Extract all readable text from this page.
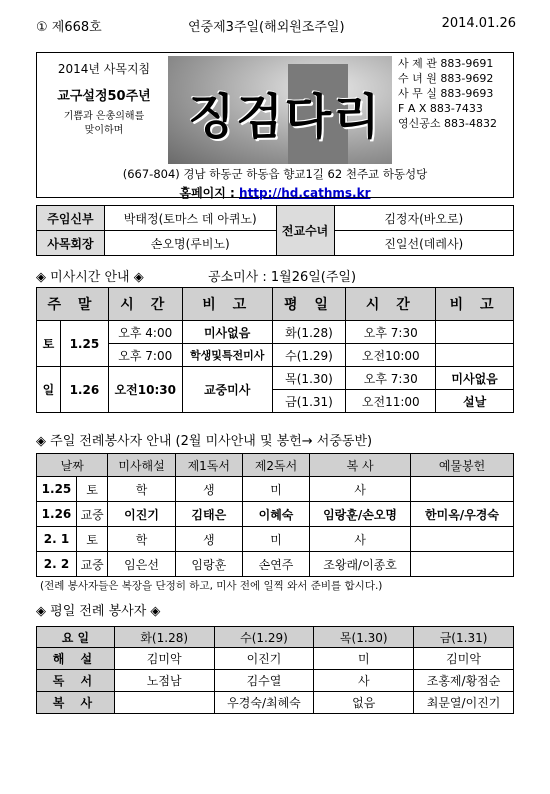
① 제668호	연중제3주일(해외원조주일)	2014.01.26
2014년 사목지침
교구설정50주년
기쁨과 은총의해를
맞이하며	징검다리
사 제 관 883-9691
수 녀 원 883-9692
사 무 실 883-9693
F A X 883-7433
영신공소 883-4832
(667-804) 경남 하동군 하동읍 향교1길 62 천주교 하동성당
홈페이지 : http://hd.cathms.kr
주임신부	박태정(토마스 데 아퀴노)	전교수녀	김정자(바오로)
사목회장	손오명(루비노)		진일선(데레사)
◈ 미사시간 안내 ◈	공소미사 : 1월26일(주일)
주 말		시 간	비 고	평 일	시 간	비 고
토	1.25	오후 4:00	미사없음	화(1.28)	오후 7:30	
		오후 7:00	학생및특전미사	수(1.29)	오전10:00	
일	1.26	오전10:30	교중미사	목(1.30)	오후 7:30	미사없음
				금(1.31)	오전11:00	설날
◈ 주일 전례봉사자 안내 (2월 미사안내 및 봉헌→ 서중동반)
날짜		미사해설	제1독서	제2독서	복 사	예물봉헌
1.25	토	학	생	미	사	
1.26	교중	이진기	김태은	이혜숙	임랑훈/손오명	한미옥/우경숙
2. 1	토	학	생	미	사	
2. 2	교중	임은선	임랑훈	손연주	조왕래/이종호	
(전례 봉사자들은 복장을 단정히 하고, 미사 전에 일찍 와서 준비를 합시다.)
◈ 평일 전례 봉사자 ◈
요 일	화(1.28)	수(1.29)	목(1.30)	금(1.31)
해 설	김미악	이진기	미	김미악
독 서	노점남	김수열	사	조홍제/황점순
복 사		우경숙/최혜숙	없음	최문열/이진기
